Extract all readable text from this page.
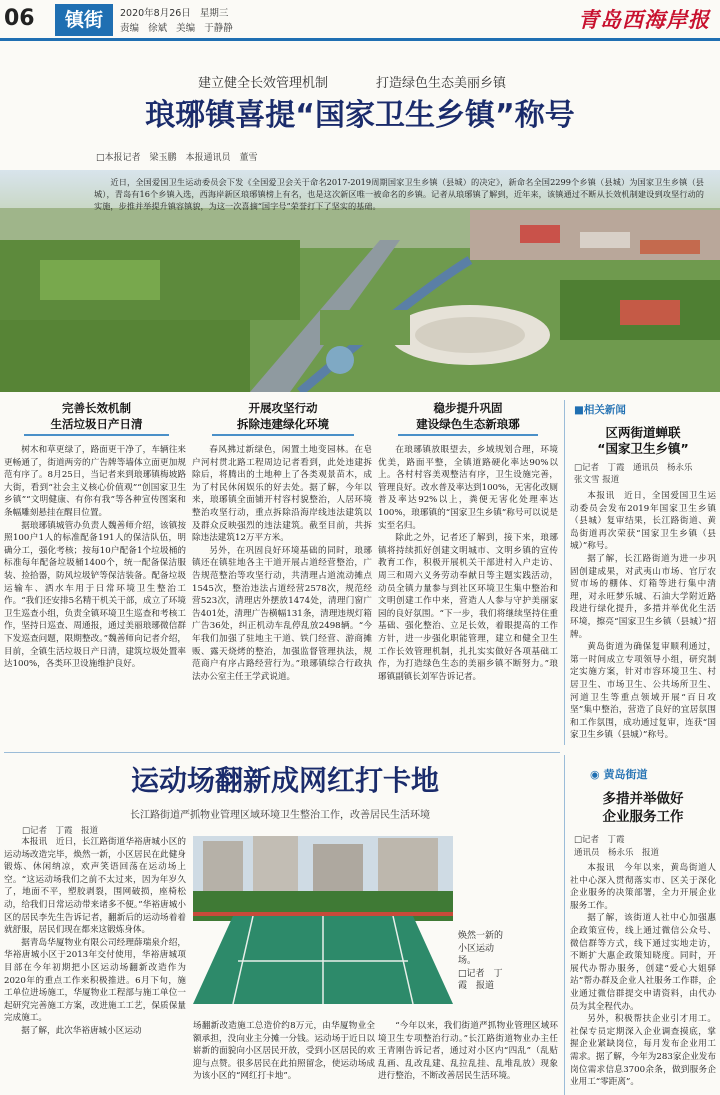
06	镇街	2020年8月26日 星期三
责编 徐斌 美编 于静静	青岛西海岸报
建立健全长效管理机制	打造绿色生态美丽乡镇
琅琊镇喜提“国家卫生乡镇”称号
□本报记者　梁玉鹏　本报通讯员　董雪

近日，全国爱国卫生运动委员会下发《全国爱卫会关于命名2017-2019周期国家卫生乡镇（县城）的决定》，新命名全国2299个乡镇（县城）为国家卫生乡镇（县城），青岛有16个乡镇入选，西海岸新区琅琊镇榜上有名，也是这次新区唯一被命名的乡镇。记者从琅琊镇了解到，近年来，该镇通过不断从长效机制建设到攻坚行动的实施，步推并举提升镇容镇貌，为这一次喜摘“国字号”荣誉打下了坚实的基础。

完善长效机制
生活垃圾日产日清
开展攻坚行动
拆除违建绿化环境
稳步提升巩固
建设绿色生态新琅琊

树木和草更绿了，路面更干净了，车辆往来更畅通了，街道两旁的广告牌等墙体立面更加规范有序了。8月25日，当记者来到琅琊镇梅坡路大街，看到“社会主义核心价值观”“创国家卫生乡镇”“文明健康、有你有我”等各种宣传图案和条幅雕刻悬挂在醒目位置。

据琅琊镇城管办负责人魏善师介绍，该镇按照100户1人的标准配备191人的保洁队伍，明确分工，强化考核；按每10户配备1个垃圾桶的标准每年配备垃圾桶1400个，统一配备保洁服装、捡拾器，防风垃圾铲等保洁装备。配备垃圾运输车、洒水车用于日常环境卫生整治工作。“我们还安排5名精干机关干部，成立了环境卫生巡查小组，负责全镇环境卫生巡查和考核工作，坚持日巡查、周通报，通过美丽琅琊微信群下发巡查问题，限期整改。”魏善师向记者介绍，目前，全镇生活垃圾日产日清，建筑垃圾处置率达100%，各类环卫设施维护良好。

春风拂过新绿色，闲置土地变园林。在皂户河村贯北路工程周边记者看到，此处违建拆除后，将腾出的土地种上了各类观景苗木，成为了村民休闲娱乐的好去处。据了解，今年以来，琅琊镇全面铺开村容村貌整治，人居环境整治攻坚行动，重点拆除沿海岸线违法建筑以及群众反映强烈的违法建筑。截至目前，共拆除违法建筑12万平方米。

另外，在巩固良好环境基础的同时，琅琊镇还在镇驻地各主干道开展占道经营整治，广告规范整治等攻坚行动，共清理占道流动摊点1545次，整治违法占道经营2578次，规范经营523次，清理店外摆放1474处，清理门窗广告401处，清理广告横幅131条，清理违规灯箱广告36处，纠正机动车乱停乱放2498辆。“今年我们加强了驻地主干道、铁门经营、游商摊贩、露天烧烤的整治，加强监督管理执法，规范商户有序占路经营行为。”琅琊镇综合行政执法办公室主任王学武说道。

在琅琊镇放眼望去，乡域规划合理，环境优美，路面平整，全镇道路硬化率达90%以上。各村村容美观整洁有序，卫生设施完善，管理良好。改水普及率达到100%，无害化改厕普及率达92%以上，粪便无害化处理率达100%，琅琊镇的“国家卫生乡镇”称号可以说是实至名归。

除此之外，记者还了解到，接下来，琅琊镇将持续抓好创建文明城市、文明乡镇的宣传教育工作，积极开展机关干部进村入户走访、周三和周六义务劳动奉献日等主题实践活动，动员全镇力量参与到社区环境卫生集中整治和文明创建工作中来，营造人人参与守护美丽家园的良好氛围。“下一步，我们将继续坚持住重基础、强化整治、立足长效，着眼提高的工作方针，进一步强化职能管理，建立和健全卫生工作长效管理机制，扎扎实实做好各项基础工作，为打造绿色生态的美丽乡镇不断努力。”琅琊镇副镇长刘军告诉记者。

■相关新闻
区两街道蝉联
“国家卫生乡镇”
□记者　丁霞　通讯员　杨永乐
张文雪 报道

本报讯　近日，全国爱国卫生运动委员会发布2019年国家卫生乡镇（县城）复审结果，长江路街道、黄岛街道再次荣获“国家卫生乡镇（县城）”称号。

据了解，长江路街道为进一步巩固创建成果，对武夷山市场、官厅农贸市场的棚体、灯箱等进行集中清理，对永旺梦乐城、石油大学附近路段进行绿化提升，多措并举优化生活环境，擦亮“国家卫生乡镇（县城）”招牌。

黄岛街道为确保复审顺利通过，第一时间成立专项领导小组，研究制定实施方案，针对市容环境卫生、村居卫生、市场卫生、公共场所卫生、河道卫生等重点领域开展“百日攻坚”集中整治，营造了良好的宜居氛围和工作氛围，成功通过复审，连获“国家卫生乡镇（县城）”称号。

运动场翻新成网红打卡地
长江路街道严抓物业管理区域环境卫生整治工作，改善居民生活环境
□记者　丁霞　报道

本报讯　近日，长江路街道华裕唐城小区的运动场改造完毕，焕然一新，小区居民在此健身锻炼、休闲纳凉，欢声笑语回荡在运动场上空。“这运动场我们之前不太过来，因为年岁久了，地面不平，塑胶剥裂，围网破损，座椅松动，给我们日常运动带来诸多不便。”华裕唐城小区的居民李先生告诉记者，翻新后的运动场着着就舒服，居民们现在都来这锻炼身体。

据青岛华厦物业有限公司经理薛瑞泉介绍，华裕唐城小区于2013年交付使用，华裕唐城项目部在今年初期把小区运动场翻新改造作为2020年的重点工作来积极推进。6月下旬，施工单位进场施工，华厦物业工程部与施工单位一起研究完善施工方案，改进施工工艺，保质保量完成施工。

据了解，此次华裕唐城小区运动

焕然一新的小区运动场。
□记者　丁霞　报道

场翻新改造施工总造价约8万元，由华厦物业全额承担，没向业主分摊一分钱。运动场于近日以崭新的面貌向小区居民开放，受到小区居民的欢迎与点赞。很多居民在此拍照留念，使运动场成为该小区的“网红打卡地”。

“今年以来，我们街道严抓物业管理区域环境卫生专项整治行动。”长江路街道物业办主任王青刚告诉记者，通过对小区内“四乱”（乱贴乱画、乱改乱建、乱拉乱挂、乱堆乱放）现象进行整治，不断改善居民生活环境。

◉ 黄岛街道
多措并举做好
企业服务工作
□记者　丁霞
通讯员　杨永乐　报道

本报讯　今年以来，黄岛街道人社中心深入贯彻落实市、区关于深化企业服务的决策部署，全力开展企业服务工作。

据了解，该街道人社中心加强惠企政策宣传，线上通过微信公众号、微信群等方式，线下通过实地走访，不断扩大惠企政策知晓度。同时，开展代办帮办服务，创建“爱心大姐驿站”帮办群及企业人社服务工作群，企业通过微信群提交申请资料，由代办员为其全程代办。

另外，积极帮扶企业引才用工。社保专员定期深入企业调查摸底，掌握企业紧缺岗位，每月发布企业用工需求。据了解，今年为283家企业发布岗位需求信息3700余条，做到服务企业用工“零距离”。
